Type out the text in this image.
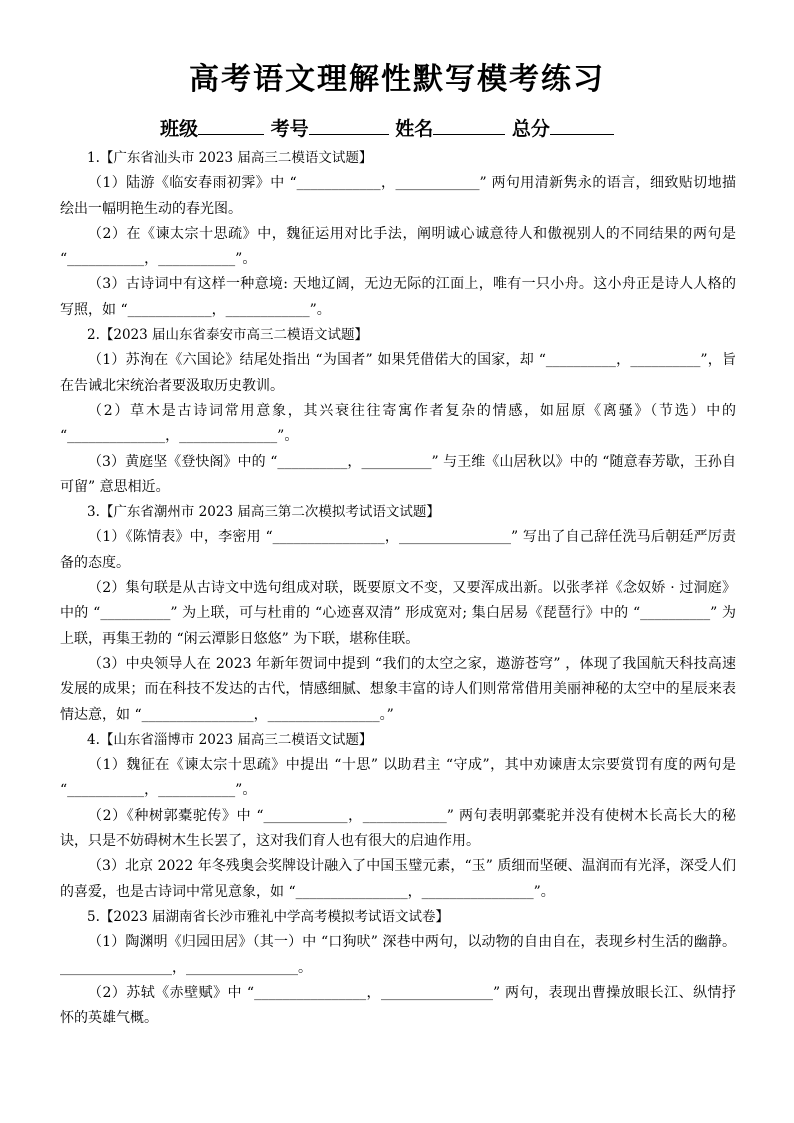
高考语文理解性默写模考练习
班级	考号	姓名	总分

1.【广东省汕头市 2023 届高三二模语文试题】

（1）陆游《临安春雨初霁》中 “____________，____________” 两句用清新隽永的语言，细致贴切地描绘出一幅明艳生动的春光图。

（2）在《谏太宗十思疏》中，魏征运用对比手法，阐明诚心诚意待人和傲视别人的不同结果的两句是 “___________，___________”。

（3）古诗词中有这样一种意境: 天地辽阔，无边无际的江面上，唯有一只小舟。这小舟正是诗人人格的写照，如 “____________，____________”。

2.【2023 届山东省泰安市高三二模语文试题】

（1）苏洵在《六国论》结尾处指出 “为国者” 如果凭借偌大的国家，却 “__________，__________”，旨在告诫北宋统治者要汲取历史教训。

（2）草木是古诗词常用意象，其兴衰往往寄寓作者复杂的情感，如屈原《离骚》（节选）中的 “______________，______________”。

（3）黄庭坚《登快阁》中的 “__________，__________” 与王维《山居秋以》中的 “随意春芳歇，王孙自可留” 意思相近。

3.【广东省潮州市 2023 届高三第二次模拟考试语文试题】

（1）《陈情表》中，李密用 “________________，________________” 写出了自己辞任洗马后朝廷严厉责备的态度。

（2）集句联是从古诗文中选句组成对联，既要原文不变，又要浑成出新。以张孝祥《念奴娇 · 过洞庭》中的 “__________” 为上联，可与杜甫的 “心迹喜双清” 形成宽对; 集白居易《琵琶行》中的 “__________” 为上联，再集王勃的 “闲云潭影日悠悠” 为下联，堪称佳联。

（3）中央领导人在 2023 年新年贺词中提到 “我们的太空之家，遨游苍穹” ，体现了我国航天科技高速发展的成果；而在科技不发达的古代，情感细腻、想象丰富的诗人们则常常借用美丽神秘的太空中的星辰来表情达意，如 “________________，________________。”

4.【山东省淄博市 2023 届高三二模语文试题】

（1）魏征在《谏太宗十思疏》中提出 “十思” 以助君主 “守成”，其中劝谏唐太宗要赏罚有度的两句是 “___________，___________”。

（2）《种树郭橐驼传》中 “____________，____________” 两句表明郭橐驼并没有使树木长高长大的秘诀，只是不妨碍树木生长罢了，这对我们育人也有很大的启迪作用。

（3）北京 2022 年冬残奥会奖牌设计融入了中国玉璧元素，“玉” 质细而坚硬、温润而有光泽，深受人们的喜爱，也是古诗词中常见意象，如 “________________，________________”。

5.【2023 届湖南省长沙市雅礼中学高考模拟考试语文试卷】

（1）陶渊明《归园田居》（其一）中 “口狗吠” 深巷中两句，以动物的自由自在，表现乡村生活的幽静。________________，________________。

（2）苏轼《赤壁赋》中 “________________，________________” 两句，表现出曹操放眼长江、纵情抒怀的英雄气概。
